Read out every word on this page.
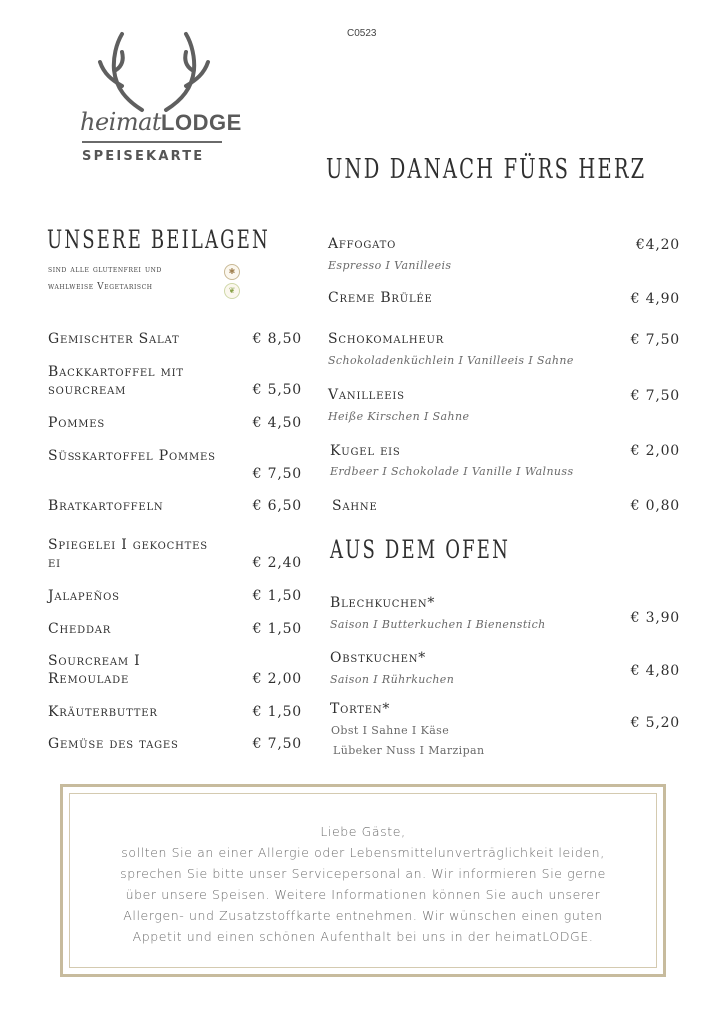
C0523
heimatLODGE
SPEISEKARTE	UND DANACH FÜRS HERZ
UNSERE BEILAGEN
AUS DEM OFEN
sind alle glutenfrei und
wahlweise Vegetarisch
✱
❦
Gemischter Salat	€ 8,50
Backkartoffel mit sourcream	€ 5,50
Pommes	€ 4,50
Süßkartoffel Pommes
€ 7,50
Bratkartoffeln	€ 6,50
Spiegelei I gekochtes ei	€ 2,40
Jalapeños	€ 1,50
Cheddar	€ 1,50
Sourcream I Remoulade	€ 2,00
Kräuterbutter	€ 1,50
Gemüse des tages	€ 7,50
Affogato	€4,20
Espresso I Vanilleeis
Creme Brülée	€ 4,90
Schokomalheur	€ 7,50
Schokoladenküchlein I Vanilleeis I Sahne
Vanilleeis	€ 7,50
Heiße Kirschen I Sahne
Kugel eis	€ 2,00
Erdbeer I Schokolade I Vanille I Walnuss
Sahne	€ 0,80
Blechkuchen*
€ 3,90
Saison I Butterkuchen I Bienenstich
Obstkuchen*
€ 4,80
Saison I Rührkuchen
Torten*
€ 5,20
Obst I Sahne I Käse
Lübeker Nuss I Marzipan
Liebe Gäste,
sollten Sie an einer Allergie oder Lebensmittelunverträglichkeit leiden,
sprechen Sie bitte unser Servicepersonal an. Wir informieren Sie gerne
über unsere Speisen. Weitere Informationen können Sie auch unserer
Allergen- und Zusatzstoffkarte entnehmen. Wir wünschen einen guten
Appetit und einen schönen Aufenthalt bei uns in der heimatLODGE.
